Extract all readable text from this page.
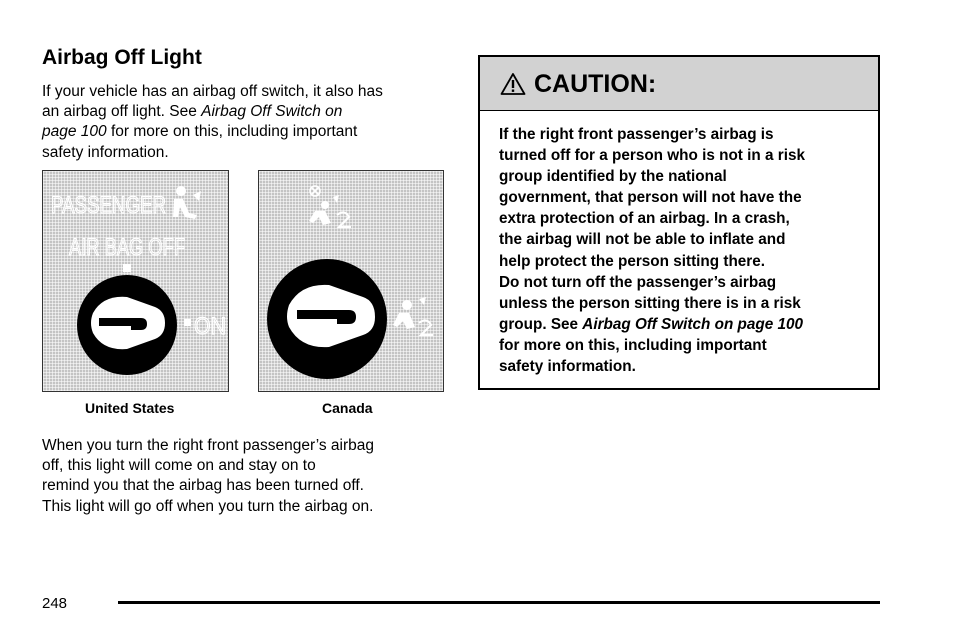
Airbag Off Light

If your vehicle has an airbag off switch, it also has
an airbag off light. See Airbag Off Switch on
page 100 for more on this, including important
safety information.

PASSENGER
AIR BAG OFF
ON
United States	Canada

When you turn the right front passenger’s airbag
off, this light will come on and stay on to
remind you that the airbag has been turned off.
This light will go off when you turn the airbag on.

CAUTION:
If the right front passenger’s airbag is
turned off for a person who is not in a risk
group identified by the national
government, that person will not have the
extra protection of an airbag. In a crash,
the airbag will not be able to inflate and
help protect the person sitting there.
Do not turn off the passenger’s airbag
unless the person sitting there is in a risk
group. See Airbag Off Switch on page 100
for more on this, including important
safety information.
248
